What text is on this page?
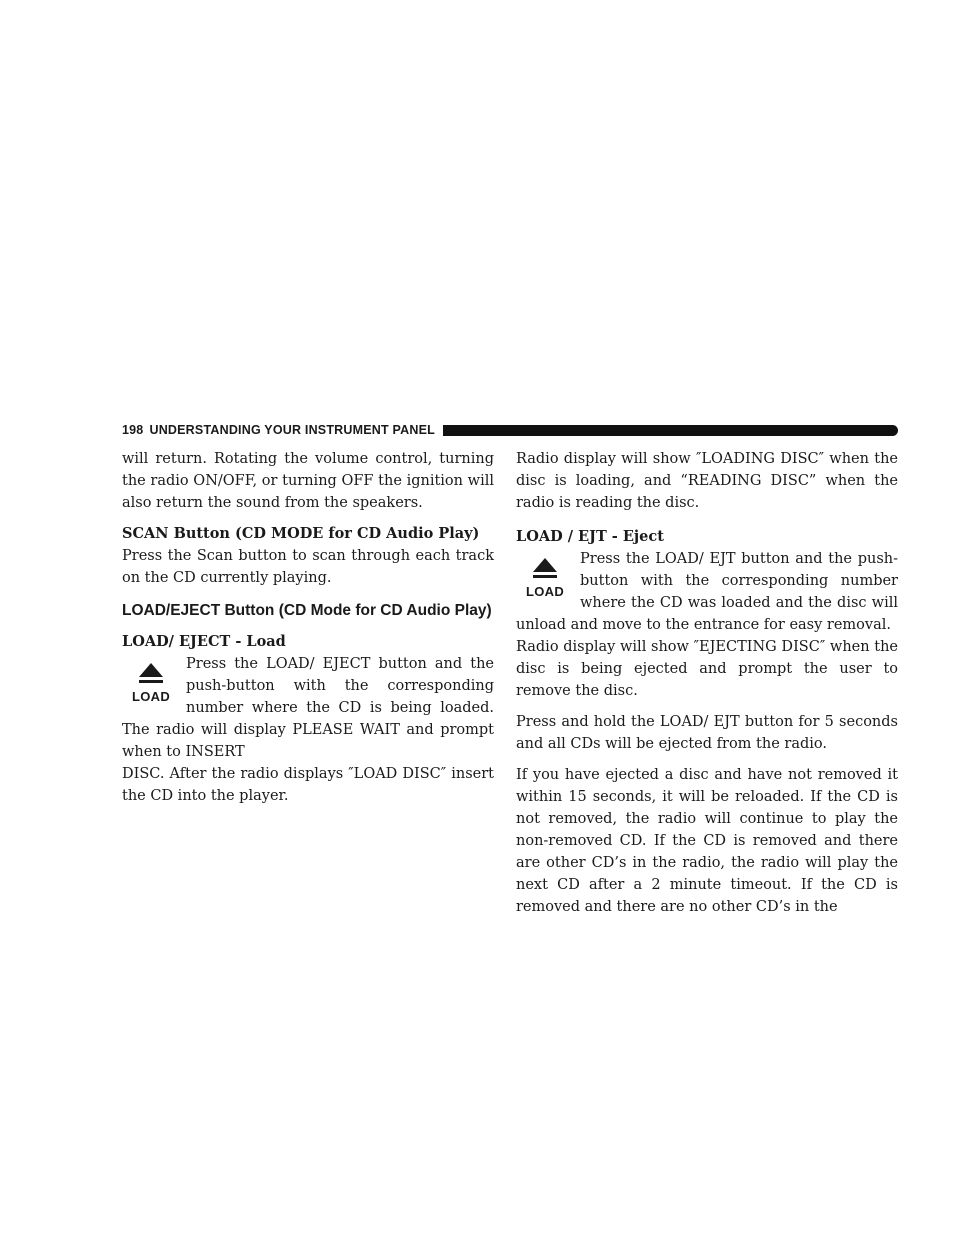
198 UNDERSTANDING YOUR INSTRUMENT PANEL

will return. Rotating the volume control, turning the radio ON/OFF, or turning OFF the ignition will also return the sound from the speakers.

SCAN Button (CD MODE for CD Audio Play)

Press the Scan button to scan through each track on the CD currently playing.

LOAD/EJECT Button (CD Mode for CD Audio Play)
LOAD/ EJECT - Load
LOAD
Press the LOAD/ EJECT button and the push-button with the corresponding number where the CD is being loaded. The radio will display PLEASE WAIT and prompt when to INSERT

DISC. After the radio displays ″LOAD DISC″ insert the CD into the player.

Radio display will show ″LOADING DISC″ when the disc is loading, and “READING DISC” when the radio is reading the disc.

LOAD / EJT - Eject
LOAD
Press the LOAD/ EJT button and the push-button with the corresponding number where the CD was loaded and the disc will unload and move to the entrance for easy removal.

Radio display will show ″EJECTING DISC″ when the disc is being ejected and prompt the user to remove the disc.

Press and hold the LOAD/ EJT button for 5 seconds and all CDs will be ejected from the radio.

If you have ejected a disc and have not removed it within 15 seconds, it will be reloaded. If the CD is not removed, the radio will continue to play the non-removed CD. If the CD is removed and there are other CD’s in the radio, the radio will play the next CD after a 2 minute timeout. If the CD is removed and there are no other CD’s in the
